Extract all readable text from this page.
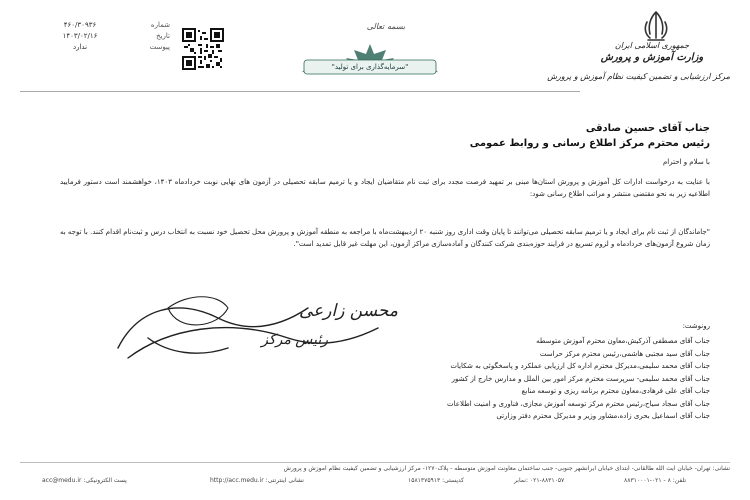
جمهوری اسلامی ایران
وزارت آموزش و پرورش
بسمه تعالی
"سرمایه‌گذاری برای تولید"
شماره
۴۶۰/۳۰۹۳۶
تاریخ
۱۴۰۳/۰۲/۱۶
پیوست
ندارد
مرکز ارزشیابی و تضمین کیفیت نظام آموزش و پرورش
جناب آقای حسین صادقی
رئیس محترم مرکز اطلاع رسانی و روابط عمومی
با سلام و احترام
با عنایت به درخواست ادارات کل آموزش و پرورش استان‌ها مبنی بر تمهید فرصت مجدد برای ثبت نام متقاضیان ایجاد و یا ترمیم سابقه تحصیلی در آزمون های نهایی نوبت خردادماه ۱۴۰۳، خواهشمند است دستور فرمایید اطلاعیه زیر به نحو مقتضی منتشر و مراتب اطلاع رسانی شود:
"جاماندگان از ثبت نام برای ایجاد و یا ترمیم سابقه تحصیلی می‌توانند تا پایان وقت اداری روز شنبه ۲۰ اردیبهشت‌ماه با مراجعه به منطقه آموزش و پرورش محل تحصیل خود نسبت به انتخاب درس و ثبت‌نام اقدام کنند. با توجه به زمان شروع آزمون‌های خردادماه و لزوم تسریع در فرایند حوزه‌بندی شرکت کنندگان و آماده‌سازی مراکز آزمون، این مهلت غیر قابل تمدید است".
محسن زارعی
رئیس مرکز
رونوشت:
جناب آقای مصطفی آذرکیش،معاون محترم آموزش متوسطه
جناب آقای سید مجتبی هاشمی،رئیس محترم مرکز حراست
جناب آقای محمد سلیمی،مدیرکل محترم اداره کل ارزیابی عملکرد و پاسخگوئی به شکایات
جناب آقای محمد سلیمی- سرپرست محترم مرکز امور بین الملل و مدارس خارج از کشور
جناب آقای علی فرهادی،معاون محترم برنامه ریزی و توسعه منابع
جناب آقای سجاد سیاح،رئیس محترم مرکز توسعه آموزش مجازی، فناوری و امنیت اطلاعات
جناب آقای اسماعیل بحری زاده،مشاور وزیر و مدیرکل محترم دفتر وزارتی
نشانی: تهران- خیابان آیت الله طالقانی- ابتدای خیابان ایرانشهر جنوبی- جنب ساختمان معاونت آموزش متوسطه - پلاک۱۲۷۰- مرکز ارزشیابی و تضمین کیفیت نظام آموزش و پرورش
تلفن: ۸ - ۰۲۱-۸۸۳۱۰۰۰۱
۰۲۱-۸۸۳۱۰۵۷ :نمابر
کدپستی: ۱۵۸۱۳۷۵۹۱۳
نشانی اینترنتی: http://acc.medu.ir
پست الکترونیکی: acc@medu.ir
